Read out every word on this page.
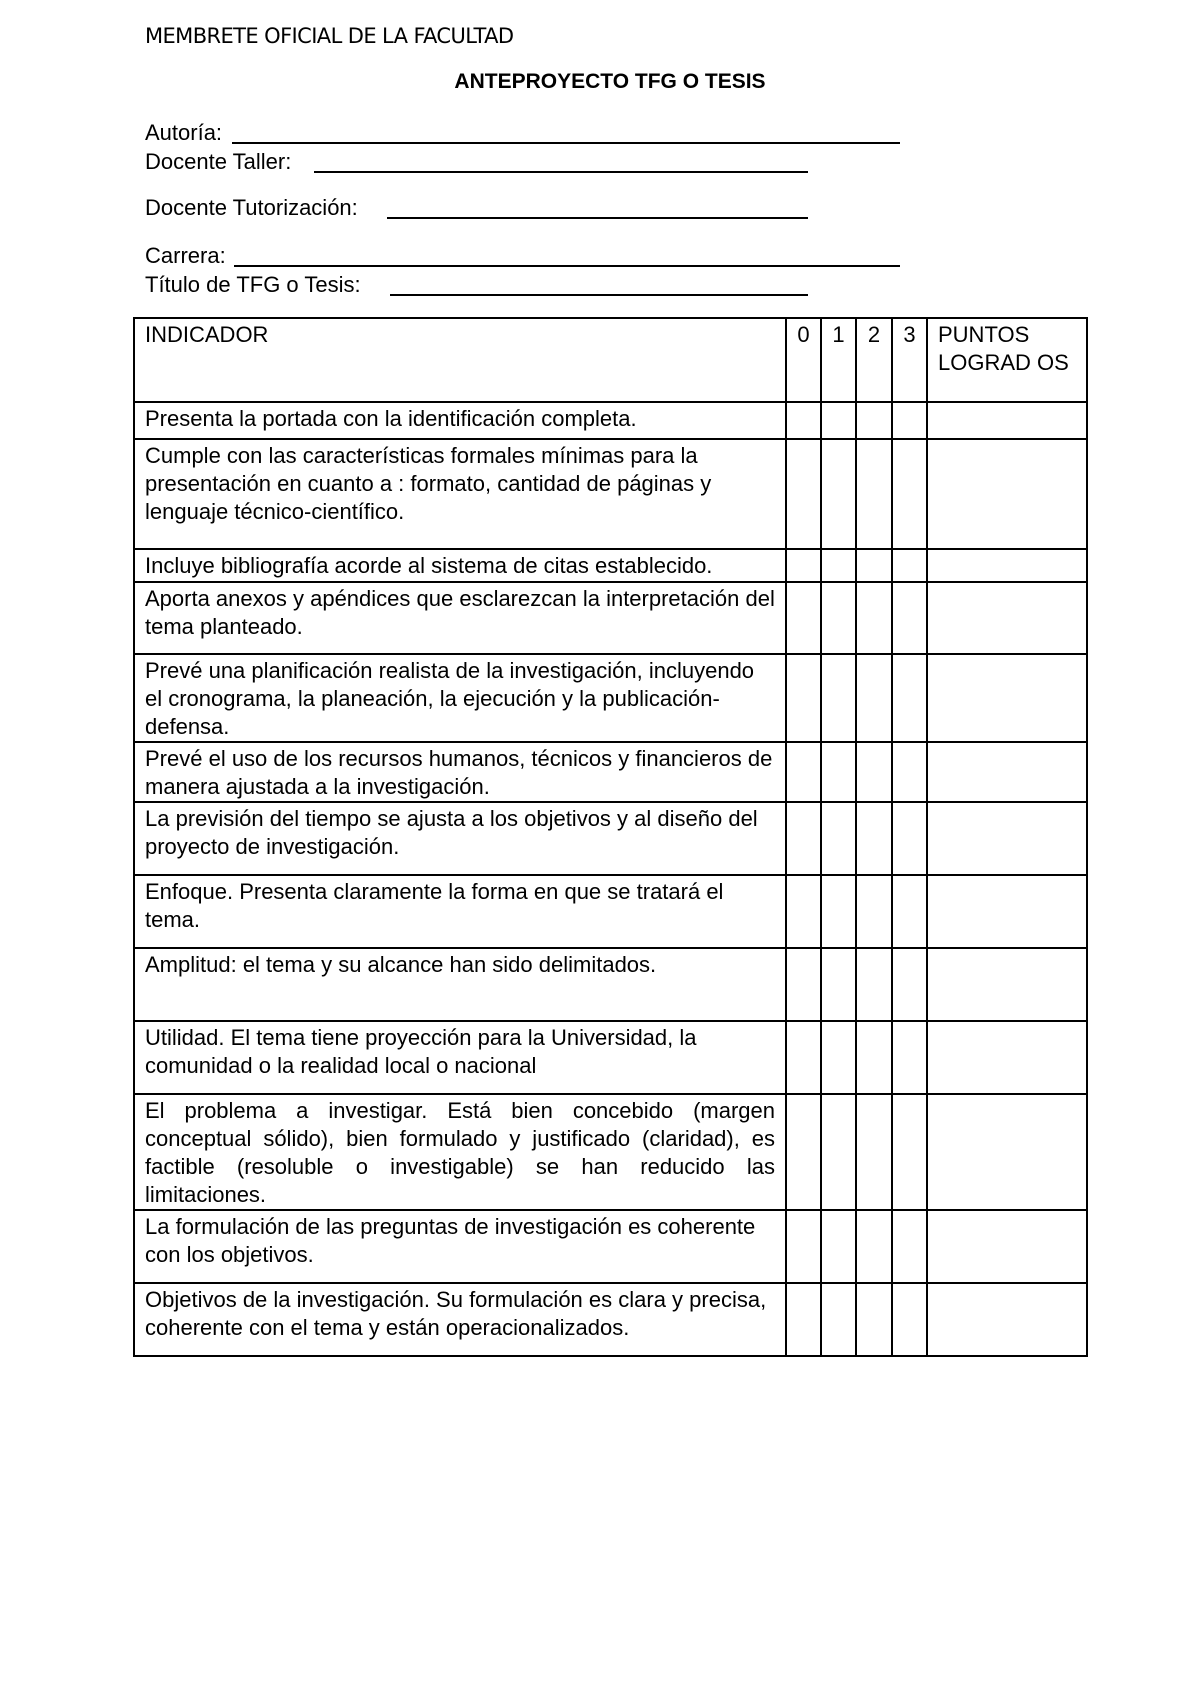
MEMBRETE OFICIAL DE LA FACULTAD
ANTEPROYECTO TFG O TESIS
Autoría:
Docente Taller:
Docente Tutorización:
Carrera:
Título de TFG o Tesis:
INDICADOR	0	1	2	3	PUNTOS LOGRAD OS
Presenta la portada con la identificación completa.					
Cumple con las características formales mínimas para la presentación en cuanto a : formato, cantidad de páginas y lenguaje técnico-científico.					
Incluye bibliografía acorde al sistema de citas establecido.					
Aporta anexos y apéndices que esclarezcan la interpretación del tema planteado.					
Prevé una planificación realista de la investigación, incluyendo el cronograma, la planeación, la ejecución y la publicación-defensa.					
Prevé el uso de los recursos humanos, técnicos y financieros de manera ajustada a la investigación.					
La previsión del tiempo se ajusta a los objetivos y al diseño del proyecto de investigación.					
Enfoque. Presenta claramente la forma en que se tratará el tema.					
Amplitud: el tema y su alcance han sido delimitados.					
Utilidad. El tema tiene proyección para la Universidad, la comunidad o la realidad local o nacional					
El problema a investigar. Está bien concebido (margen conceptual sólido), bien formulado y justificado (claridad), es factible (resoluble o investigable) se han reducido las limitaciones.					
La formulación de las preguntas de investigación es coherente con los objetivos.					
Objetivos de la investigación. Su formulación es clara y precisa, coherente con el tema y están operacionalizados.					
